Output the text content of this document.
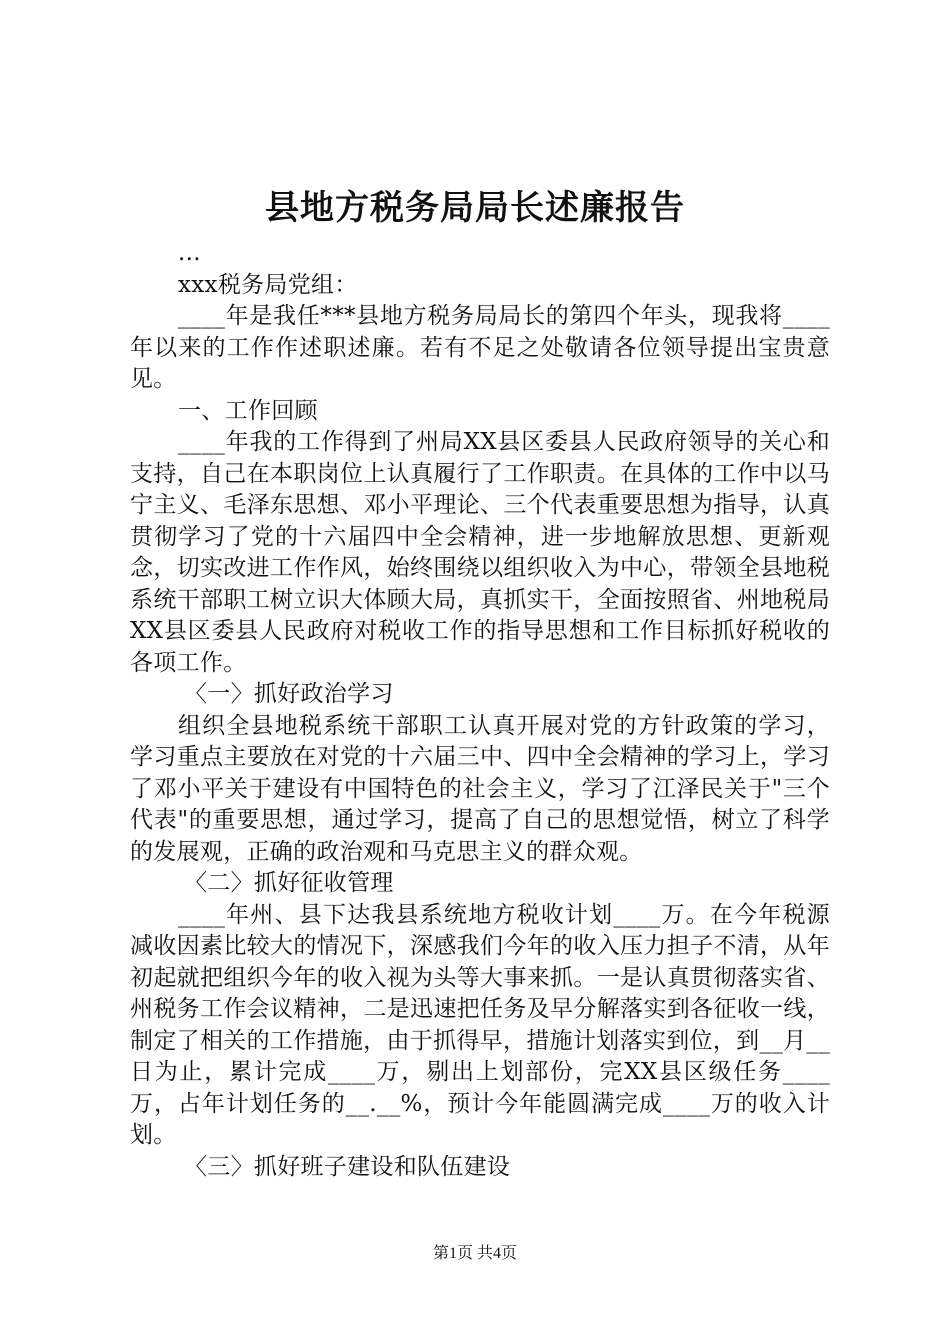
县地方税务局局长述廉报告

...

xxx税务局党组：

____年是我任***县地方税务局局长的第四个年头，现我将____年以来的工作作述职述廉。若有不足之处敬请各位领导提出宝贵意见。

一、工作回顾

____年我的工作得到了州局XX县区委县人民政府领导的关心和支持，自己在本职岗位上认真履行了工作职责。在具体的工作中以马宁主义、毛泽东思想、邓小平理论、三个代表重要思想为指导，认真贯彻学习了党的十六届四中全会精神，进一步地解放思想、更新观念，切实改进工作作风，始终围绕以组织收入为中心，带领全县地税系统干部职工树立识大体顾大局，真抓实干，全面按照省、州地税局XX县区委县人民政府对税收工作的指导思想和工作目标抓好税收的各项工作。

〈一〉抓好政治学习

组织全县地税系统干部职工认真开展对党的方针政策的学习，学习重点主要放在对党的十六届三中、四中全会精神的学习上，学习了邓小平关于建设有中国特色的社会主义，学习了江泽民关于"三个代表"的重要思想，通过学习，提高了自己的思想觉悟，树立了科学的发展观，正确的政治观和马克思主义的群众观。

〈二〉抓好征收管理

____年州、县下达我县系统地方税收计划____万。在今年税源减收因素比较大的情况下，深感我们今年的收入压力担子不清，从年初起就把组织今年的收入视为头等大事来抓。一是认真贯彻落实省、州税务工作会议精神，二是迅速把任务及早分解落实到各征收一线，制定了相关的工作措施，由于抓得早，措施计划落实到位，到__月__日为止，累计完成____万，剔出上划部份，完XX县区级任务____万，占年计划任务的__.__%，预计今年能圆满完成____万的收入计划。

〈三〉抓好班子建设和队伍建设

第1页 共4页
